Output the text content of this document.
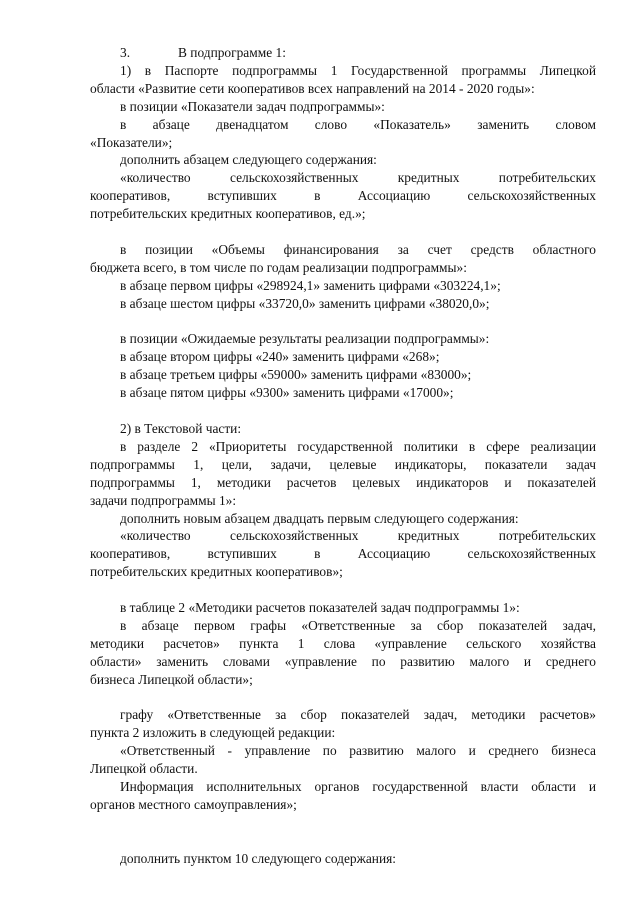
3.	В подпрограмме 1:
1) в Паспорте подпрограммы 1 Государственной программы Липецкой
области «Развитие сети кооперативов всех направлений на 2014 - 2020 годы»:
в позиции «Показатели задач подпрограммы»:
в абзаце двенадцатом слово «Показатель» заменить словом
«Показатели»;
дополнить абзацем следующего содержания:
«количество сельскохозяйственных кредитных потребительских
кооперативов, вступивших в Ассоциацию сельскохозяйственных
потребительских кредитных кооперативов, ед.»;
в позиции «Объемы финансирования за счет средств областного
бюджета всего, в том числе по годам реализации подпрограммы»:
в абзаце первом цифры «298924,1» заменить цифрами «303224,1»;
в абзаце шестом цифры «33720,0» заменить цифрами «38020,0»;
в позиции «Ожидаемые результаты реализации подпрограммы»:
в абзаце втором цифры «240» заменить цифрами «268»;
в абзаце третьем цифры «59000» заменить цифрами «83000»;
в абзаце пятом цифры «9300» заменить цифрами «17000»;
2) в Текстовой части:
в разделе 2 «Приоритеты государственной политики в сфере реализации
подпрограммы 1, цели, задачи, целевые индикаторы, показатели задач
подпрограммы 1, методики расчетов целевых индикаторов и показателей
задачи подпрограммы 1»:
дополнить новым абзацем двадцать первым следующего содержания:
«количество сельскохозяйственных кредитных потребительских
кооперативов, вступивших в Ассоциацию сельскохозяйственных
потребительских кредитных кооперативов»;
в таблице 2 «Методики расчетов показателей задач подпрограммы 1»:
в абзаце первом графы «Ответственные за сбор показателей задач,
методики расчетов» пункта 1 слова «управление сельского хозяйства
области» заменить словами «управление по развитию малого и среднего
бизнеса Липецкой области»;
графу «Ответственные за сбор показателей задач, методики расчетов»
пункта 2 изложить в следующей редакции:
«Ответственный - управление по развитию малого и среднего бизнеса
Липецкой области.
Информация исполнительных органов государственной власти области и
органов местного самоуправления»;
дополнить пунктом 10 следующего содержания:
